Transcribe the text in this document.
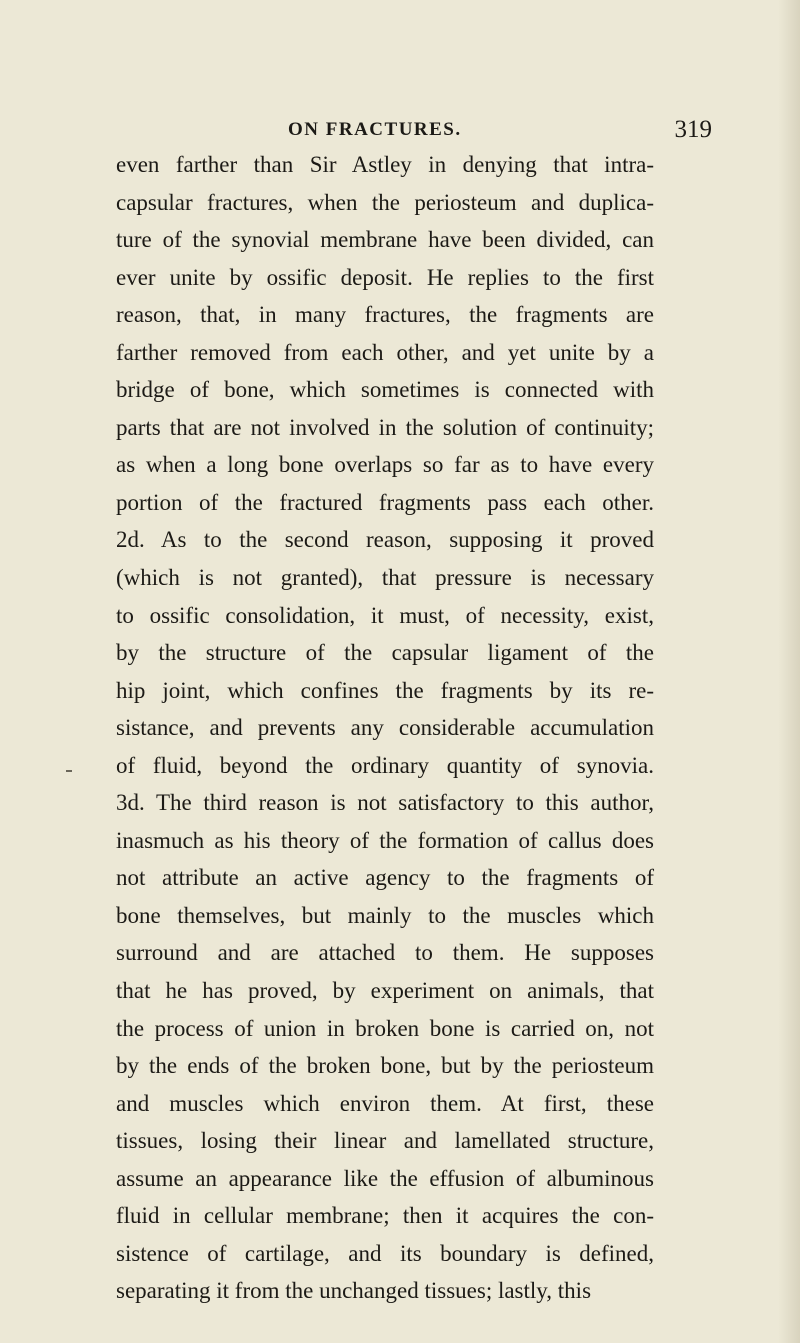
ON FRACTURES.	319
even farther than Sir Astley in denying that intra-
capsular fractures, when the periosteum and duplica-
ture of the synovial membrane have been divided, can
ever unite by ossific deposit. He replies to the first
reason, that, in many fractures, the fragments are
farther removed from each other, and yet unite by a
bridge of bone, which sometimes is connected with
parts that are not involved in the solution of continuity;
as when a long bone overlaps so far as to have every
portion of the fractured fragments pass each other.
2d. As to the second reason, supposing it proved
(which is not granted), that pressure is necessary
to ossific consolidation, it must, of necessity, exist,
by the structure of the capsular ligament of the
hip joint, which confines the fragments by its re-
sistance, and prevents any considerable accumulation
of fluid, beyond the ordinary quantity of synovia.
3d. The third reason is not satisfactory to this author,
inasmuch as his theory of the formation of callus does
not attribute an active agency to the fragments of
bone themselves, but mainly to the muscles which
surround and are attached to them. He supposes
that he has proved, by experiment on animals, that
the process of union in broken bone is carried on, not
by the ends of the broken bone, but by the periosteum
and muscles which environ them. At first, these
tissues, losing their linear and lamellated structure,
assume an appearance like the effusion of albuminous
fluid in cellular membrane; then it acquires the con-
sistence of cartilage, and its boundary is defined,
separating it from the unchanged tissues; lastly, this
